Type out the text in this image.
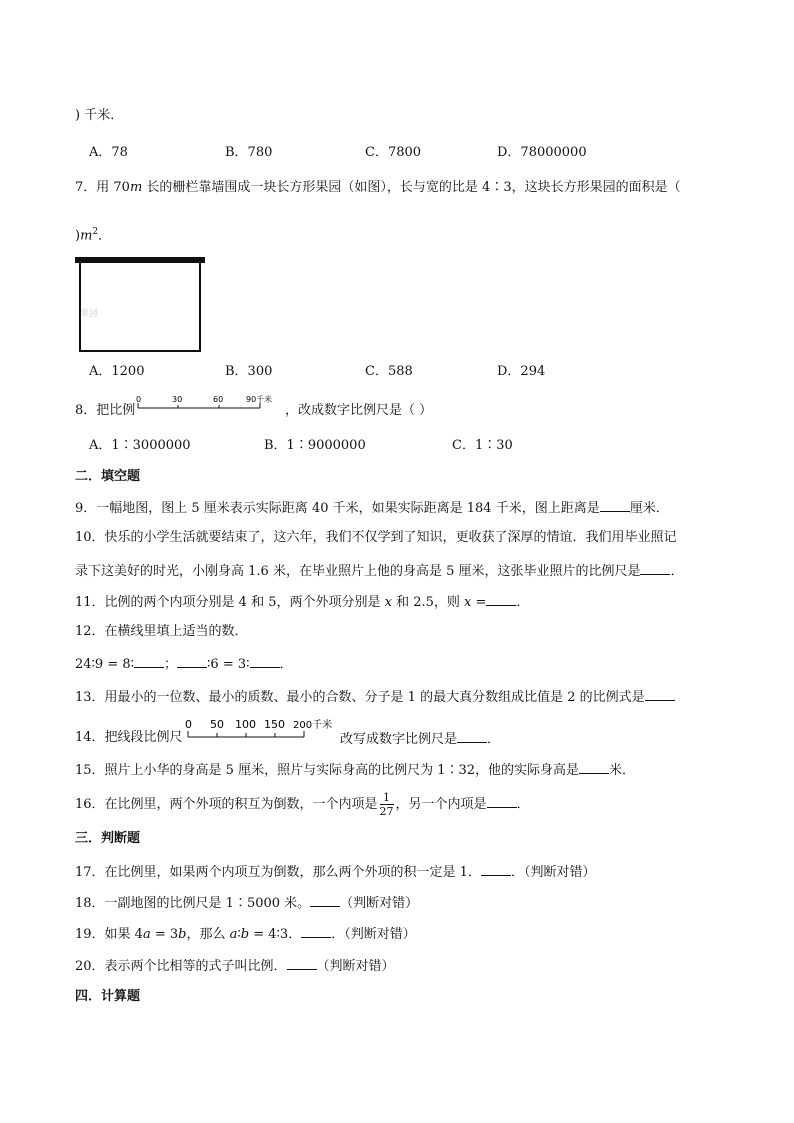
) 千米．
A．78	B．780	C．7800	D．78000000
7．用 70m 长的栅栏靠墙围成一块长方形果园（如图），长与宽的比是 4∶3，这块长方形果园的面积是（
)$m^2$．
果园
A．1200	B．300	C．588	D．294
8．把比例
0	30	60	90千米
，改成数字比例尺是（ ）
A．1∶3000000	B．1∶9000000	C．1∶30
二．填空题
9．一幅地图，图上 5 厘米表示实际距离 40 千米，如果实际距离是 184 千米，图上距离是 厘米．
10．快乐的小学生活就要结束了，这六年，我们不仅学到了知识，更收获了深厚的情谊．我们用毕业照记
录下这美好的时光，小刚身高 1.6 米，在毕业照片上他的身高是 5 厘米，这张毕业照片的比例尺是 ．
11．比例的两个内项分别是 4 和 5，两个外项分别是 x 和 2.5，则 x = ．
12．在横线里填上适当的数．
24∶9 = 8∶ ； ∶6 = 3∶ ．
13．用最小的一位数、最小的质数、最小的合数、分子是 1 的最大真分数组成比值是 2 的比例式是
14．把线段比例尺
0 50 100 150 200千米
改写成数字比例尺是 ．
15．照片上小华的身高是 5 厘米，照片与实际身高的比例尺为 1∶32，他的实际身高是 米．
16．在比例里，两个外项的积互为倒数，一个内项是 $\frac{1}{27}$ ，另一个内项是 ．
三．判断题
17．在比例里，如果两个内项互为倒数，那么两个外项的积一定是 1． ．（判断对错）
18．一副地图的比例尺是 1∶5000 米。 （判断对错）
19．如果 4a = 3b，那么 a∶b = 4∶3． ．（判断对错）
20．表示两个比相等的式子叫比例． （判断对错）
四．计算题
